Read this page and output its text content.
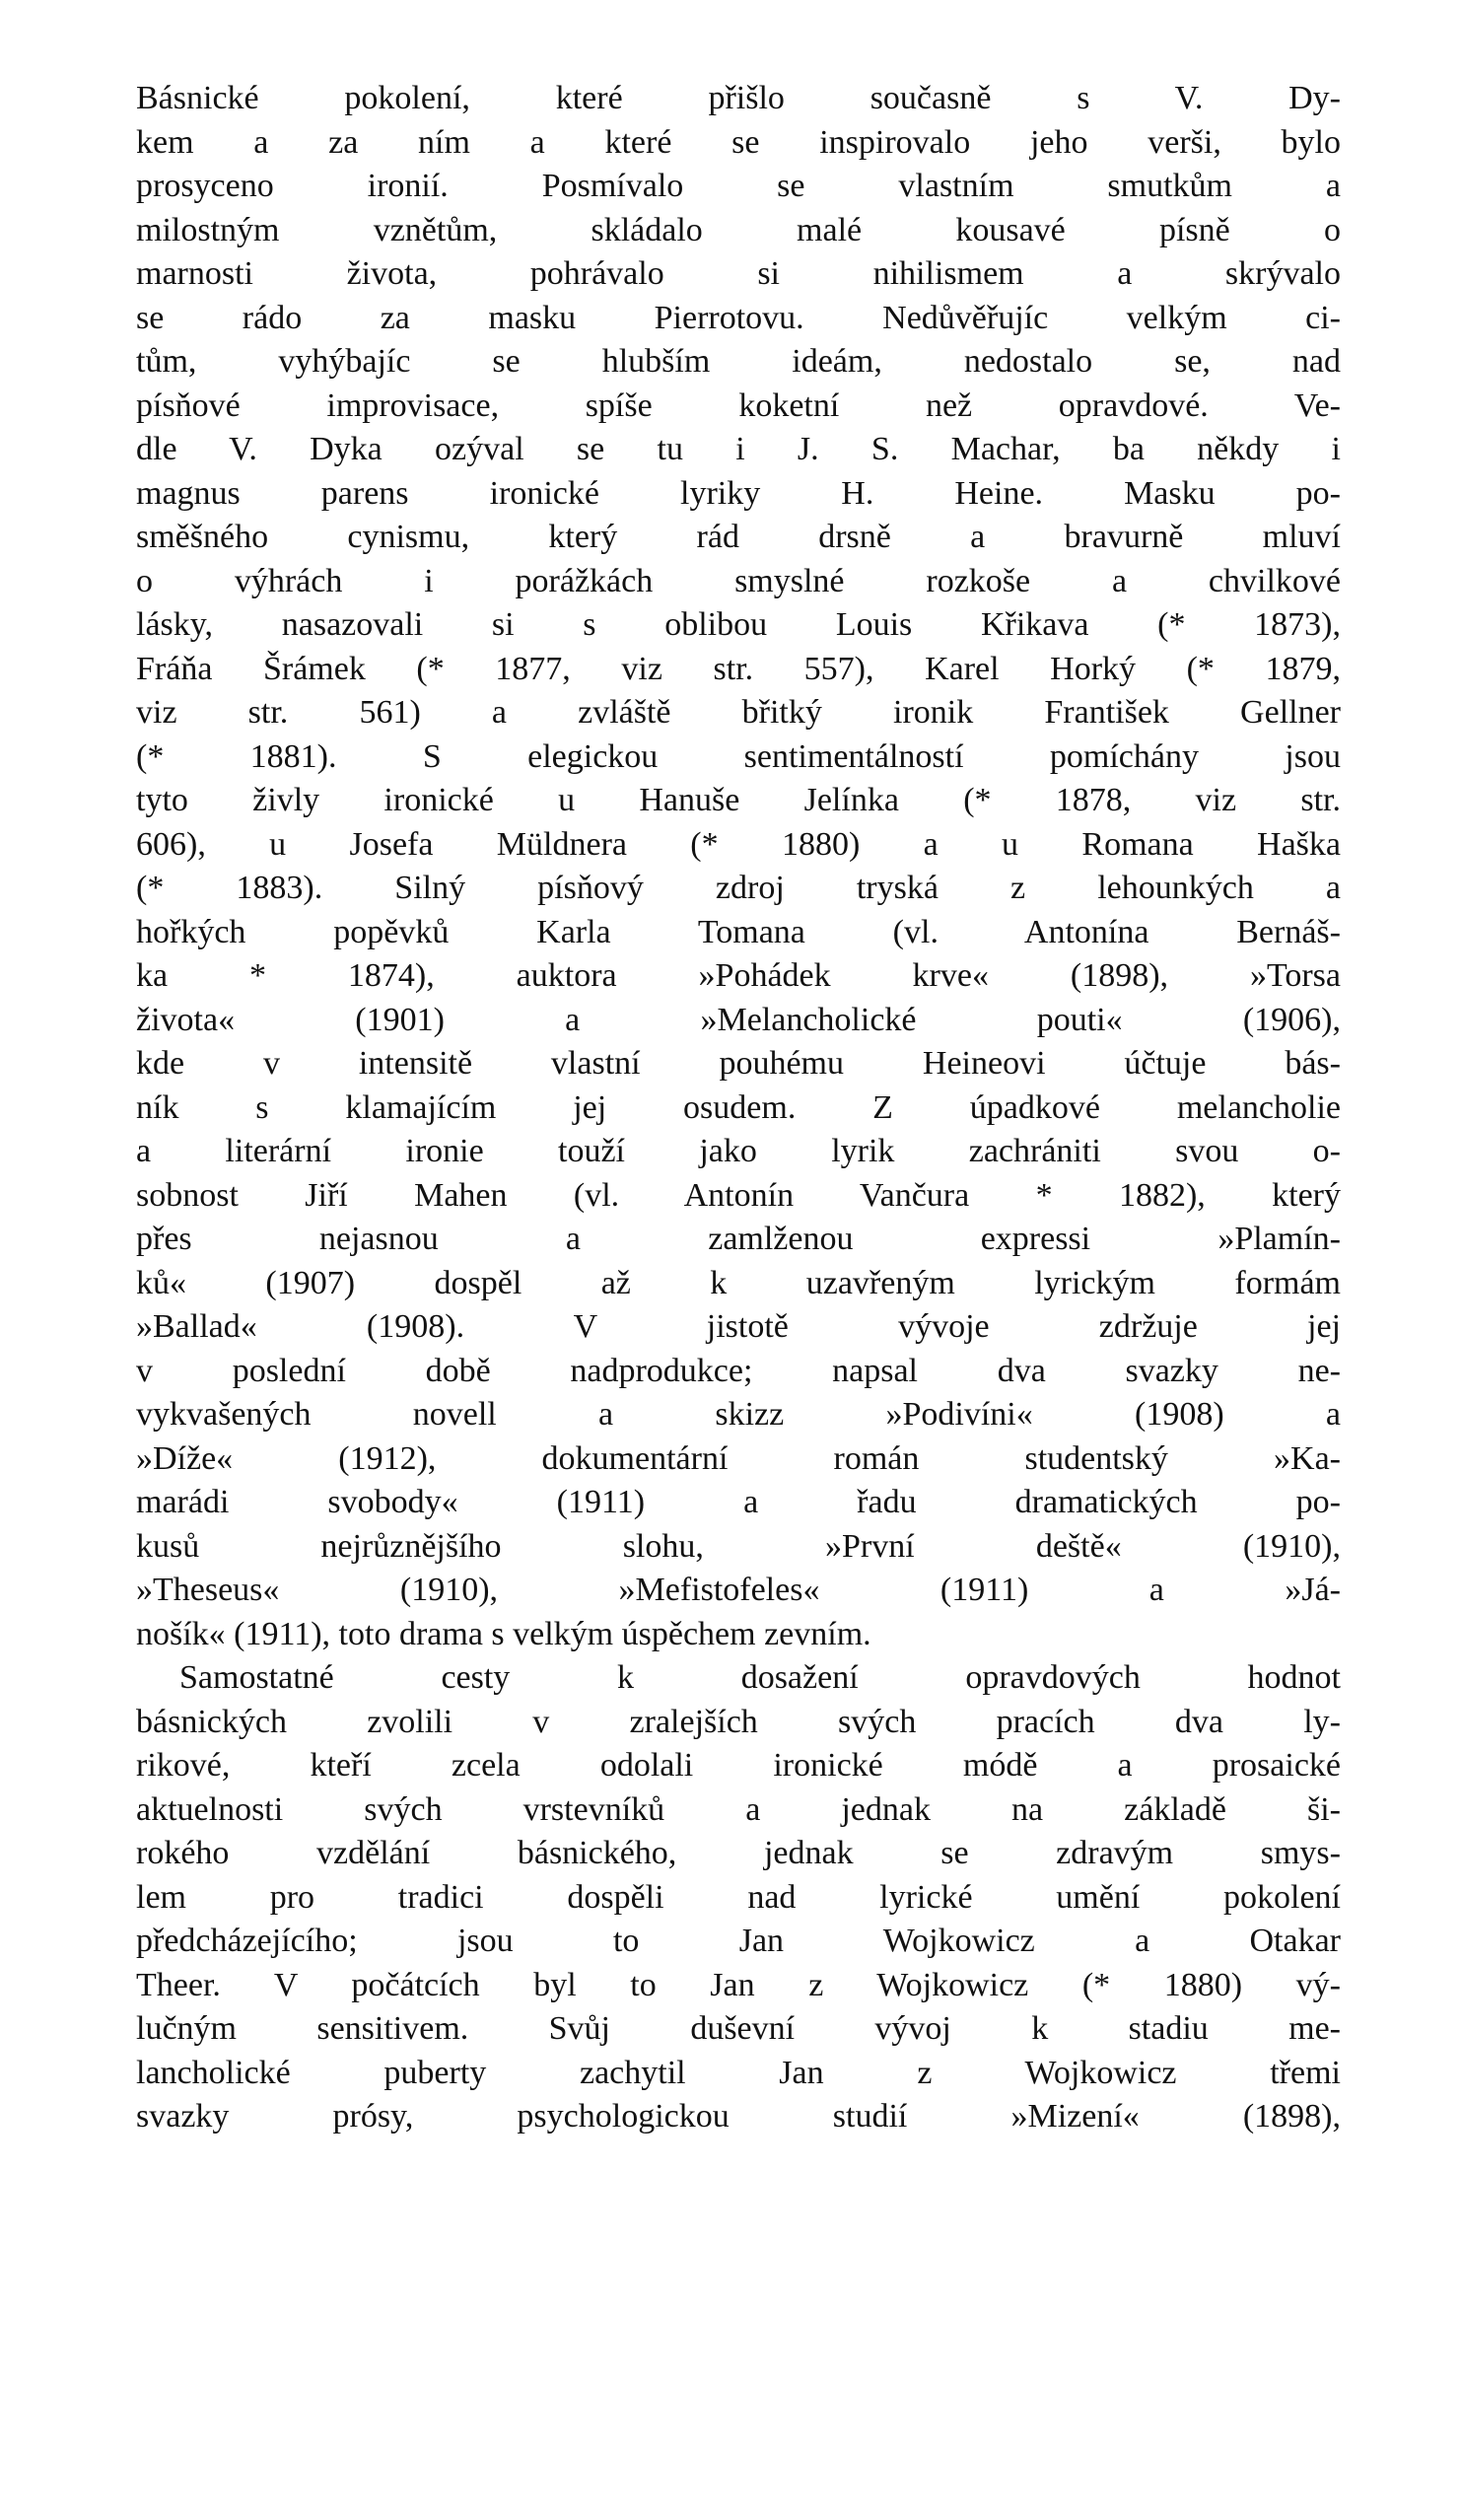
Básnické pokolení, které přišlo současně s V. Dy-
kem a za ním a které se inspirovalo jeho verši, bylo
prosyceno ironií. Posmívalo se vlastním smutkům a
milostným vznětům, skládalo malé kousavé písně o
marnosti života, pohrávalo si nihilismem a skrývalo
se rádo za masku Pierrotovu. Nedůvěřujíc velkým ci-
tům, vyhýbajíc se hlubším ideám, nedostalo se, nad
písňové improvisace, spíše koketní než opravdové. Ve-
dle V. Dyka ozýval se tu i J. S. Machar, ba někdy i
magnus parens ironické lyriky H. Heine. Masku po-
směšného cynismu, který rád drsně a bravurně mluví
o výhrách i porážkách smyslné rozkoše a chvilkové
lásky, nasazovali si s oblibou Louis Křikava (* 1873),
Fráňa Šrámek (* 1877, viz str. 557), Karel Horký (* 1879,
viz str. 561) a zvláště břitký ironik František Gellner
(* 1881). S elegickou sentimentálností pomíchány jsou
tyto živly ironické u Hanuše Jelínka (* 1878, viz str.
606), u Josefa Müldnera (* 1880) a u Romana Haška
(* 1883). Silný písňový zdroj tryská z lehounkých a
hořkých popěvků Karla Tomana (vl. Antonína Bernáš-
ka * 1874), auktora »Pohádek krve« (1898), »Torsa
života« (1901) a »Melancholické pouti« (1906),
kde v intensitě vlastní pouhému Heineovi účtuje bás-
ník s klamajícím jej osudem. Z úpadkové melancholie
a literární ironie touží jako lyrik zachrániti svou o-
sobnost Jiří Mahen (vl. Antonín Vančura * 1882), který
přes nejasnou a zamlženou expressi »Plamín-
ků« (1907) dospěl až k uzavřeným lyrickým formám
»Ballad« (1908). V jistotě vývoje zdržuje jej
v poslední době nadprodukce; napsal dva svazky ne-
vykvašených novell a skizz »Podivíni« (1908) a
»Díže« (1912), dokumentární román studentský »Ka-
marádi svobody« (1911) a řadu dramatických po-
kusů nejrůznějšího slohu, »První deště« (1910),
»Theseus« (1910), »Mefistofeles« (1911) a »Já-
nošík« (1911), toto drama s velkým úspěchem zevním.
Samostatné cesty k dosažení opravdových hodnot
básnických zvolili v zralejších svých pracích dva ly-
rikové, kteří zcela odolali ironické módě a prosaické
aktuelnosti svých vrstevníků a jednak na základě ši-
rokého vzdělání básnického, jednak se zdravým smys-
lem pro tradici dospěli nad lyrické umění pokolení
předcházejícího; jsou to Jan Wojkowicz a Otakar
Theer. V počátcích byl to Jan z Wojkowicz (* 1880) vý-
lučným sensitivem. Svůj duševní vývoj k stadiu me-
lancholické puberty zachytil Jan z Wojkowicz třemi
svazky prósy, psychologickou studií »Mizení« (1898),
